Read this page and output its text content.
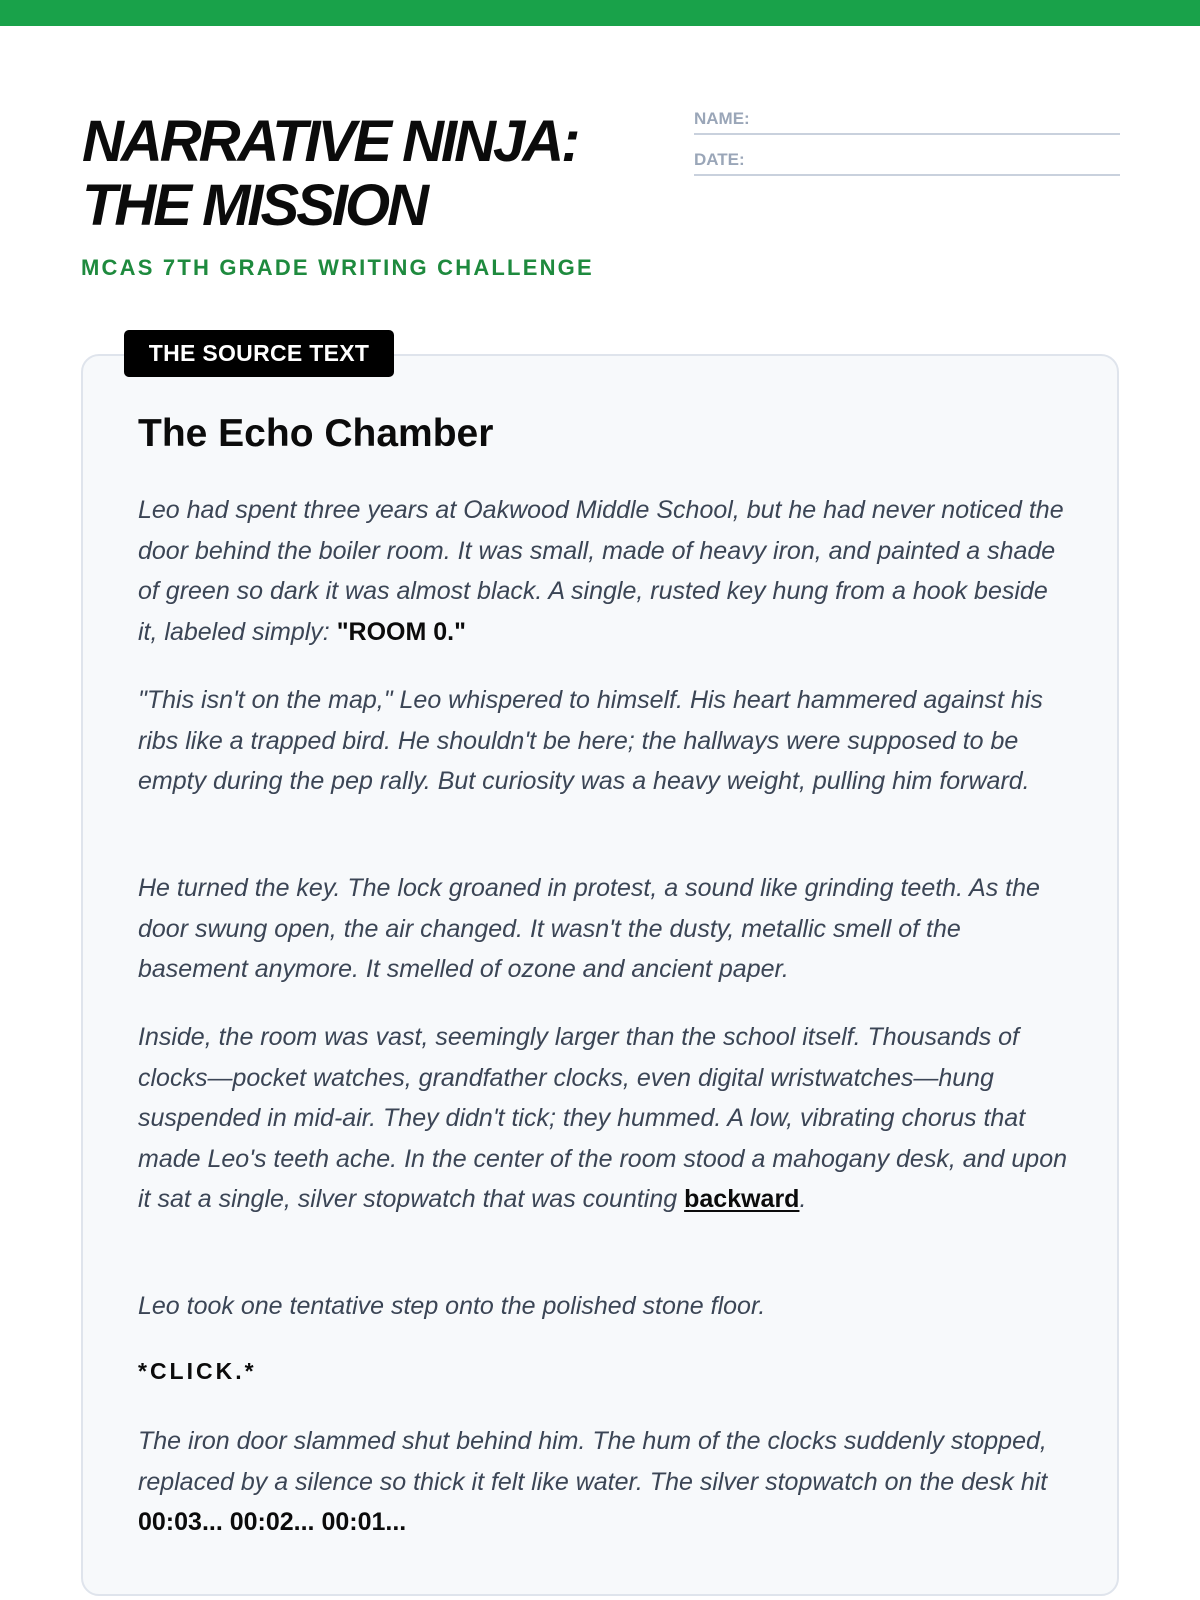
NARRATIVE NINJA:
THE MISSION

MCAS 7TH GRADE WRITING CHALLENGE

NAME:
DATE:
THE SOURCE TEXT
The Echo Chamber

Leo had spent three years at Oakwood Middle School, but he had never noticed the door behind the boiler room. It was small, made of heavy iron, and painted a shade of green so dark it was almost black. A single, rusted key hung from a hook beside it, labeled simply: "ROOM 0."

"This isn't on the map," Leo whispered to himself. His heart hammered against his ribs like a trapped bird. He shouldn't be here; the hallways were supposed to be empty during the pep rally. But curiosity was a heavy weight, pulling him forward.

He turned the key. The lock groaned in protest, a sound like grinding teeth. As the door swung open, the air changed. It wasn't the dusty, metallic smell of the basement anymore. It smelled of ozone and ancient paper.

Inside, the room was vast, seemingly larger than the school itself. Thousands of clocks—pocket watches, grandfather clocks, even digital wristwatches—hung suspended in mid-air. They didn't tick; they hummed. A low, vibrating chorus that made Leo's teeth ache. In the center of the room stood a mahogany desk, and upon it sat a single, silver stopwatch that was counting backward.

Leo took one tentative step onto the polished stone floor.

*CLICK.*

The iron door slammed shut behind him. The hum of the clocks suddenly stopped, replaced by a silence so thick it felt like water. The silver stopwatch on the desk hit 00:03... 00:02... 00:01...
